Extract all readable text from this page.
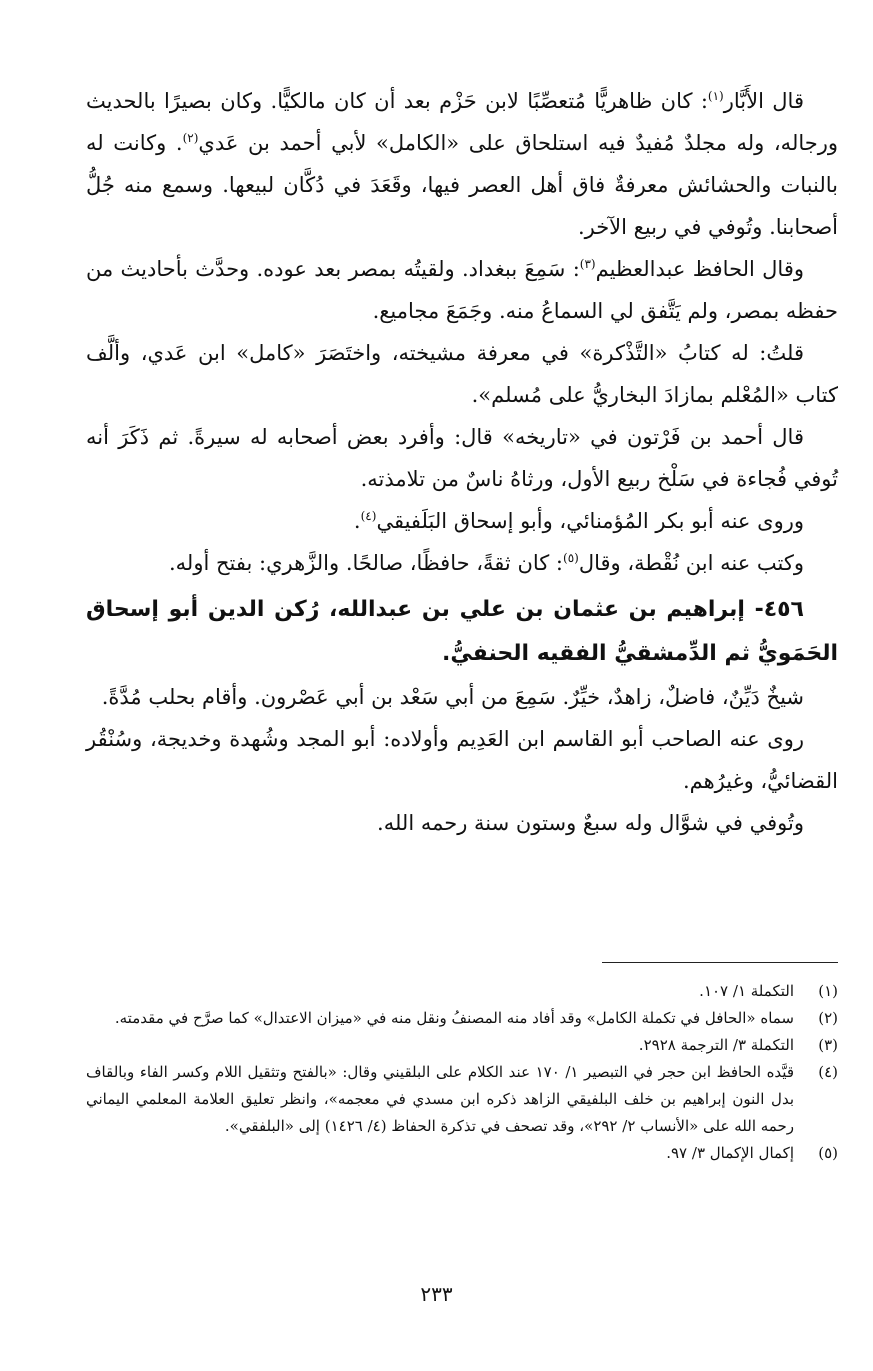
قال الأَبَّار$^{(١)}$: كان ظاهريًّا مُتعصِّبًا لابن حَزْم بعد أن كان مالكيًّا. وكان بصيرًا بالحديث ورجاله، وله مجلدٌ مُفيدٌ فيه استلحاق على «الكامل» لأبي أحمد بن عَدي$^{(٢)}$. وكانت له بالنبات والحشائش معرفةٌ فاق أهل العصر فيها، وقَعَدَ في دُكَّان لبيعها. وسمع منه جُلُّ أصحابنا. وتُوفي في ربيع الآخر.

وقال الحافظ عبدالعظيم$^{(٣)}$: سَمِعَ ببغداد. ولقيتُه بمصر بعد عوده. وحدَّث بأحاديث من حفظه بمصر، ولم يَتَّفق لي السماعُ منه. وجَمَعَ مجاميع.

قلتُ: له كتابُ «التَّذْكرة» في معرفة مشيخته، واختَصَرَ «كامل» ابن عَدي، وألَّف كتاب «المُعْلم بمازادَ البخاريُّ على مُسلم».

قال أحمد بن فَرْتون في «تاريخه» قال: وأفرد بعض أصحابه له سيرةً. ثم ذَكَرَ أنه تُوفي فُجاءة في سَلْخ ربيع الأول، ورثاهُ ناسٌ من تلامذته.

وروى عنه أبو بكر المُؤمنائي، وأبو إسحاق البَلَفيقي$^{(٤)}$.

وكتب عنه ابن نُقْطة، وقال$^{(٥)}$: كان ثقةً، حافظًا، صالحًا. والزَّهري: بفتح أوله.

٤٥٦- إبراهيم بن عثمان بن علي بن عبدالله، رُكن الدين أبو إسحاق الحَمَويُّ ثم الدِّمشقيُّ الفقيه الحنفيُّ.

شيخٌ دَيِّنٌ، فاضلٌ، زاهدٌ، خيِّرٌ. سَمِعَ من أبي سَعْد بن أبي عَصْرون. وأقام بحلب مُدَّةً.

روى عنه الصاحب أبو القاسم ابن العَدِيم وأولاده: أبو المجد وشُهدة وخديجة، وسُنْقُر القضائيُّ، وغيرُهم.

وتُوفي في شوَّال وله سبعٌ وستون سنة رحمه الله.

(١)
التكملة ١/ ١٠٧.
(٢)
سماه «الحافل في تكملة الكامل» وقد أفاد منه المصنفُ ونقل منه في «ميزان الاعتدال» كما صرَّح في مقدمته.
(٣)
التكملة ٣/ الترجمة ٢٩٢٨.
(٤)
قيَّده الحافظ ابن حجر في التبصير ١/ ١٧٠ عند الكلام على البلقيني وقال: «بالفتح وتثقيل اللام وكسر الفاء وبالقاف بدل النون إبراهيم بن خلف البلفيقي الزاهد ذكره ابن مسدي في معجمه»، وانظر تعليق العلامة المعلمي اليماني رحمه الله على «الأنساب ٢/ ٢٩٢»، وقد تصحف في تذكرة الحفاظ (٤/ ١٤٢٦) إلى «البلفقي».
(٥)
إكمال الإكمال ٣/ ٩٧.
٢٣٣
